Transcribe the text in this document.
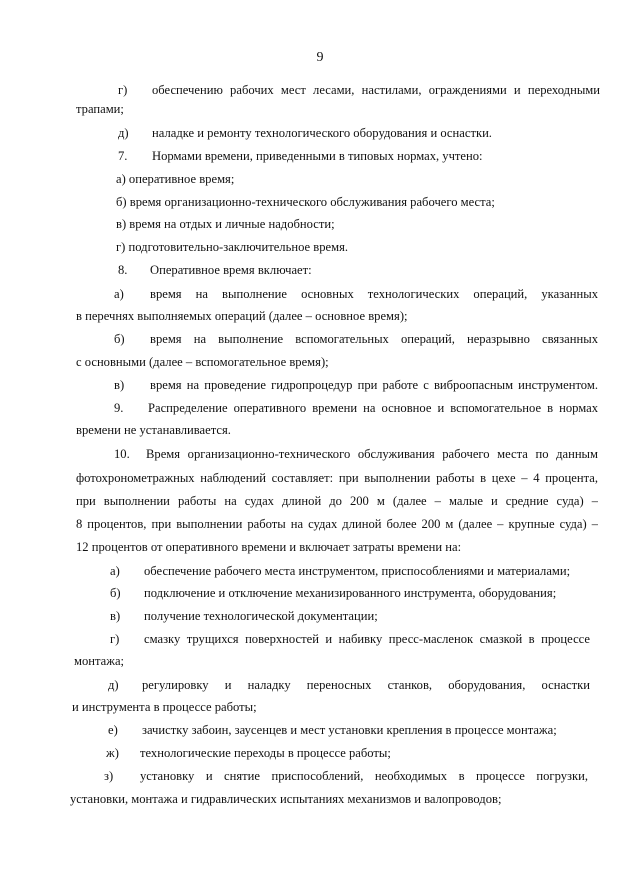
9
г) обеспечению рабочих мест лесами, настилами, ограждениями и переходными
трапами;
д) наладке и ремонту технологического оборудования и оснастки.
7. Нормами времени, приведенными в типовых нормах, учтено:
а) оперативное время;
б) время организационно-технического обслуживания рабочего места;
в) время на отдых и личные надобности;
г) подготовительно-заключительное время.
8. Оперативное время включает:
а) время на выполнение основных технологических операций, указанных
в перечнях выполняемых операций (далее – основное время);
б) время на выполнение вспомогательных операций, неразрывно связанных
с основными (далее – вспомогательное время);
в) время на проведение гидропроцедур при работе с виброопасным инструментом.
9. Распределение оперативного времени на основное и вспомогательное в нормах
времени не устанавливается.
10. Время организационно-технического обслуживания рабочего места по данным
фотохронометражных наблюдений составляет: при выполнении работы в цехе – 4 процента,
при выполнении работы на судах длиной до 200 м (далее – малые и средние суда) –
8 процентов, при выполнении работы на судах длиной более 200 м (далее – крупные суда) –
12 процентов от оперативного времени и включает затраты времени на:
а) обеспечение рабочего места инструментом, приспособлениями и материалами;
б) подключение и отключение механизированного инструмента, оборудования;
в) получение технологической документации;
г) смазку трущихся поверхностей и набивку пресс-масленок смазкой в процессе
монтажа;
д) регулировку и наладку переносных станков, оборудования, оснастки
и инструмента в процессе работы;
е) зачистку забоин, заусенцев и мест установки крепления в процессе монтажа;
ж) технологические переходы в процессе работы;
з) установку и снятие приспособлений, необходимых в процессе погрузки,
установки, монтажа и гидравлических испытаниях механизмов и валопроводов;
